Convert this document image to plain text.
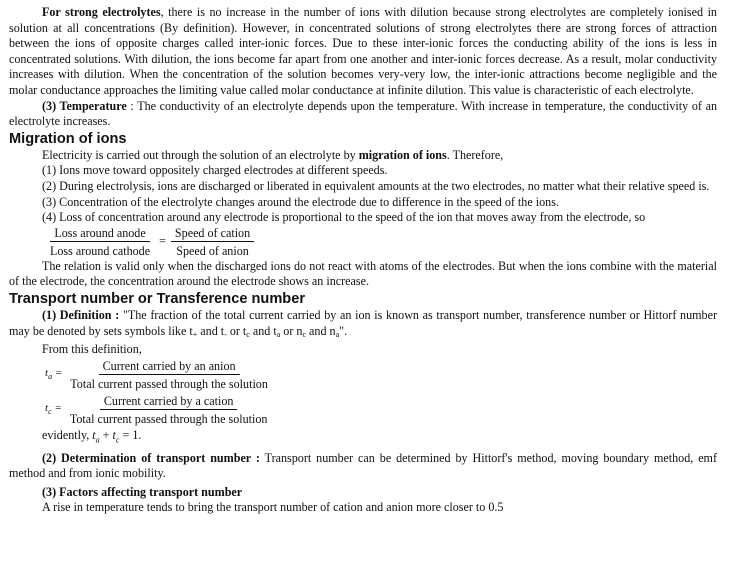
For strong electrolytes, there is no increase in the number of ions with dilution because strong electrolytes are completely ionised in solution at all concentrations (By definition). However, in concentrated solutions of strong electrolytes there are strong forces of attraction between the ions of opposite charges called inter-ionic forces. Due to these inter-ionic forces the conducting ability of the ions is less in concentrated solutions. With dilution, the ions become far apart from one another and inter-ionic forces decrease. As a result, molar conductivity increases with dilution. When the concentration of the solution becomes very-very low, the inter-ionic attractions become negligible and the molar conductance approaches the limiting value called molar conductance at infinite dilution. This value is characteristic of each electrolyte.

(3) Temperature : The conductivity of an electrolyte depends upon the temperature. With increase in temperature, the conductivity of an electrolyte increases.

Migration of ions

Electricity is carried out through the solution of an electrolyte by migration of ions. Therefore,

(1) Ions move toward oppositely charged electrodes at different speeds.

(2) During electrolysis, ions are discharged or liberated in equivalent amounts at the two electrodes, no matter what their relative speed is.

(3) Concentration of the electrolyte changes around the electrode due to difference in the speed of the ions.

(4) Loss of concentration around any electrode is proportional to the speed of the ion that moves away from the electrode, so

$\frac{\text{Loss around anode}}{\text{Loss around cathode}} = \frac{\text{Speed of cation}}{\text{Speed of anion}}$

The relation is valid only when the discharged ions do not react with atoms of the electrodes. But when the ions combine with the material of the electrode, the concentration around the electrode shows an increase.

Transport number or Transference number

(1) Definition : "The fraction of the total current carried by an ion is known as transport number, transference number or Hittorf number may be denoted by sets symbols like t+ and t- or tc and ta or nc and na".

From this definition,

$t_a = \frac{\text{Current carried by an anion}}{\text{Total current passed through the solution}}$
$t_c = \frac{\text{Current carried by a cation}}{\text{Total current passed through the solution}}$

evidently, $t_a + t_c = 1$.

(2) Determination of transport number : Transport number can be determined by Hittorf's method, moving boundary method, emf method and from ionic mobility.

(3) Factors affecting transport number

A rise in temperature tends to bring the transport number of cation and anion more closer to 0.5
